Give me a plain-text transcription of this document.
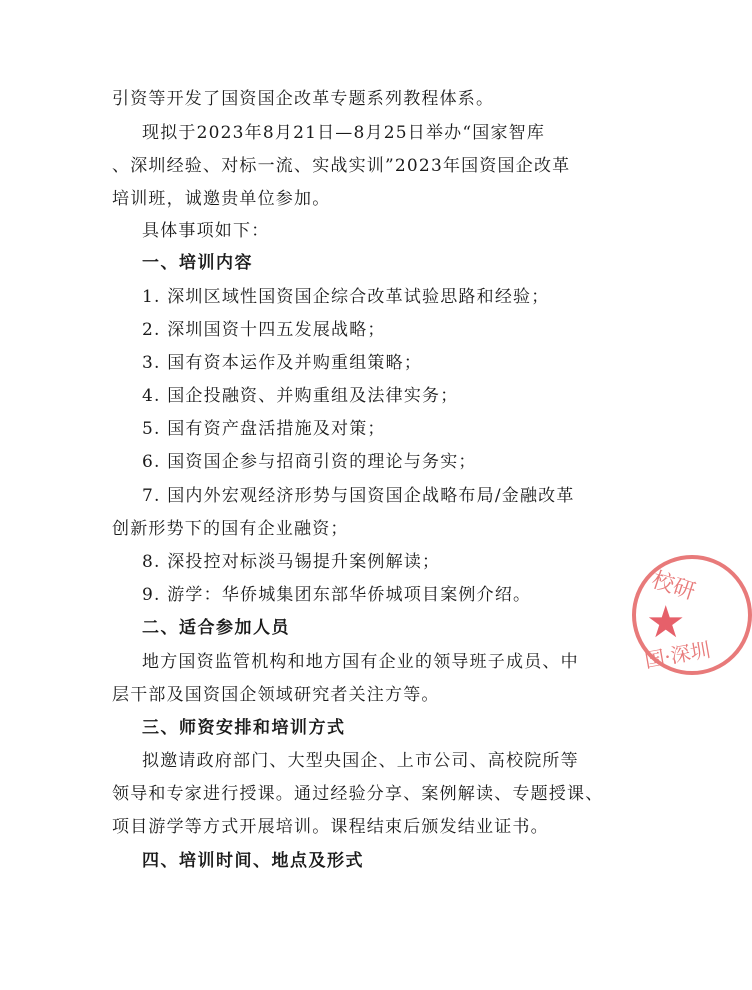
引资等开发了国资国企改革专题系列教程体系。
现拟于2023年8月21日—8月25日举办“国家智库
、深圳经验、对标一流、实战实训”2023年国资国企改革
培训班，诚邀贵单位参加。
具体事项如下：
一、培训内容
1. 深圳区域性国资国企综合改革试验思路和经验；
2. 深圳国资十四五发展战略；
3. 国有资本运作及并购重组策略；
4. 国企投融资、并购重组及法律实务；
5. 国有资产盘活措施及对策；
6. 国资国企参与招商引资的理论与务实；
7. 国内外宏观经济形势与国资国企战略布局/金融改革
创新形势下的国有企业融资；
8. 深投控对标淡马锡提升案例解读；
9. 游学：华侨城集团东部华侨城项目案例介绍。
二、适合参加人员
地方国资监管机构和地方国有企业的领导班子成员、中
层干部及国资国企领域研究者关注方等。
三、师资安排和培训方式
拟邀请政府部门、大型央国企、上市公司、高校院所等
领导和专家进行授课。通过经验分享、案例解读、专题授课、
项目游学等方式开展培训。课程结束后颁发结业证书。
四、培训时间、地点及形式
校研
★
国·深圳
